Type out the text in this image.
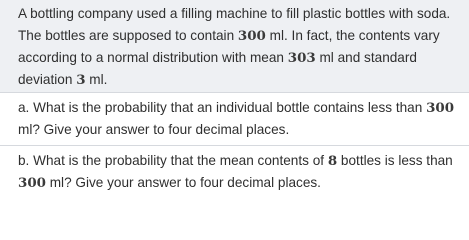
A bottling company used a filling machine to fill plastic bottles with soda. The bottles are supposed to contain 300 ml. In fact, the contents vary according to a normal distribution with mean 303 ml and standard deviation 3 ml.
a. What is the probability that an individual bottle contains less than 300 ml? Give your answer to four decimal places.
b. What is the probability that the mean contents of 8 bottles is less than 300 ml? Give your answer to four decimal places.
